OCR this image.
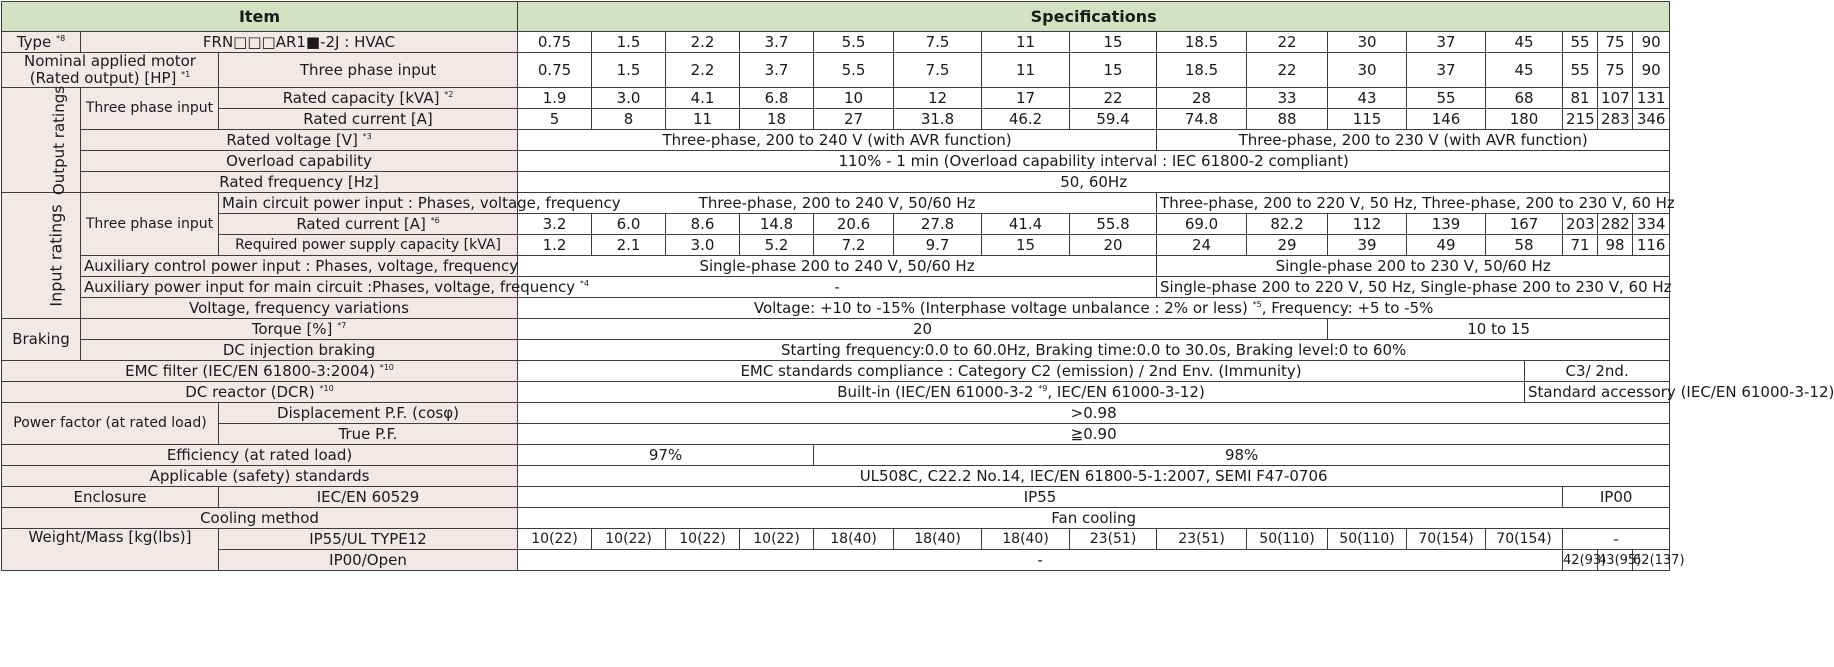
Item			Specifications																
Type $^{*8}$	FRN□□□AR1■-2J : HVAC		0.75	1.5	2.2	3.7	5.5	7.5	11	15	18.5	22	30	37	45		55	75	90
Nominal applied motor (Rated output) [HP] $^{*1}$		Three phase input	0.75	1.5	2.2	3.7	5.5	7.5	11	15	18.5	22	30	37	45		55	75	90
Output ratings	Three phase input	Rated capacity [kVA] $^{*2}$	1.9	3.0	4.1	6.8	10	12	17	22	28	33	43	55	68		81	107	131
		Rated current [A]	5	8	11	18	27	31.8	46.2	59.4	74.8	88	115	146	180		215	283	346
	Rated voltage [V] $^{*3}$		Three-phase, 200 to 240 V (with AVR function)								Three-phase, 200 to 230 V (with AVR function)								
	Overload capability		110% - 1 min (Overload capability interval : IEC 61800-2 compliant)																
	Rated frequency [Hz]		50, 60Hz																
Input ratings	Three phase input	Main circuit power input : Phases, voltage, frequency	Three-phase, 200 to 240 V, 50/60 Hz								Three-phase, 200 to 220 V, 50 Hz, Three-phase, 200 to 230 V, 60 Hz								
		Rated current [A] $^{*6}$	3.2	6.0	8.6	14.8	20.6	27.8	41.4	55.8	69.0	82.2	112	139	167		203	282	334
		Required power supply capacity [kVA]	1.2	2.1	3.0	5.2	7.2	9.7	15	20	24	29	39	49	58		71	98	116
	Auxiliary control power input : Phases, voltage, frequency		Single-phase 200 to 240 V, 50/60 Hz								Single-phase 200 to 230 V, 50/60 Hz								
	Auxiliary power input for main circuit :Phases, voltage, frequency $^{*4}$		-								Single-phase 200 to 220 V, 50 Hz, Single-phase 200 to 230 V, 60 Hz								
	Voltage, frequency variations		Voltage: +10 to -15% (Interphase voltage unbalance : 2% or less) $^{*5}$, Frequency: +5 to -5%																
Braking	Torque [%] $^{*7}$		20										10 to 15						
	DC injection braking		Starting frequency:0.0 to 60.0Hz, Braking time:0.0 to 30.0s, Braking level:0 to 60%																
EMC filter (IEC/EN 61800-3:2004) $^{*10}$			EMC standards compliance : Category C2 (emission) / 2nd Env. (Immunity)													C3/ 2nd.			
DC reactor (DCR) $^{*10}$			Built-in (IEC/EN 61000-3-2 $^{*9}$, IEC/EN 61000-3-12)													Standard accessory (IEC/EN 61000-3-12)			
Power factor (at rated load)		Displacement P.F. (cosφ)	>0.98																
		True P.F.	≧0.90																
Efficiency (at rated load)			97%				98%												
Applicable (safety) standards			UL508C, C22.2 No.14, IEC/EN 61800-5-1:2007, SEMI F47-0706																
Enclosure		IEC/EN 60529	IP55														IP00		
Cooling method			Fan cooling																
Weight/Mass [kg(lbs)]		IP55/UL TYPE12	10(22)	10(22)	10(22)	10(22)	18(40)	18(40)	18(40)	23(51)	23(51)	50(110)	50(110)	70(154)	70(154)		-		
		IP00/Open	-														42(93)	43(95)	62(137)
